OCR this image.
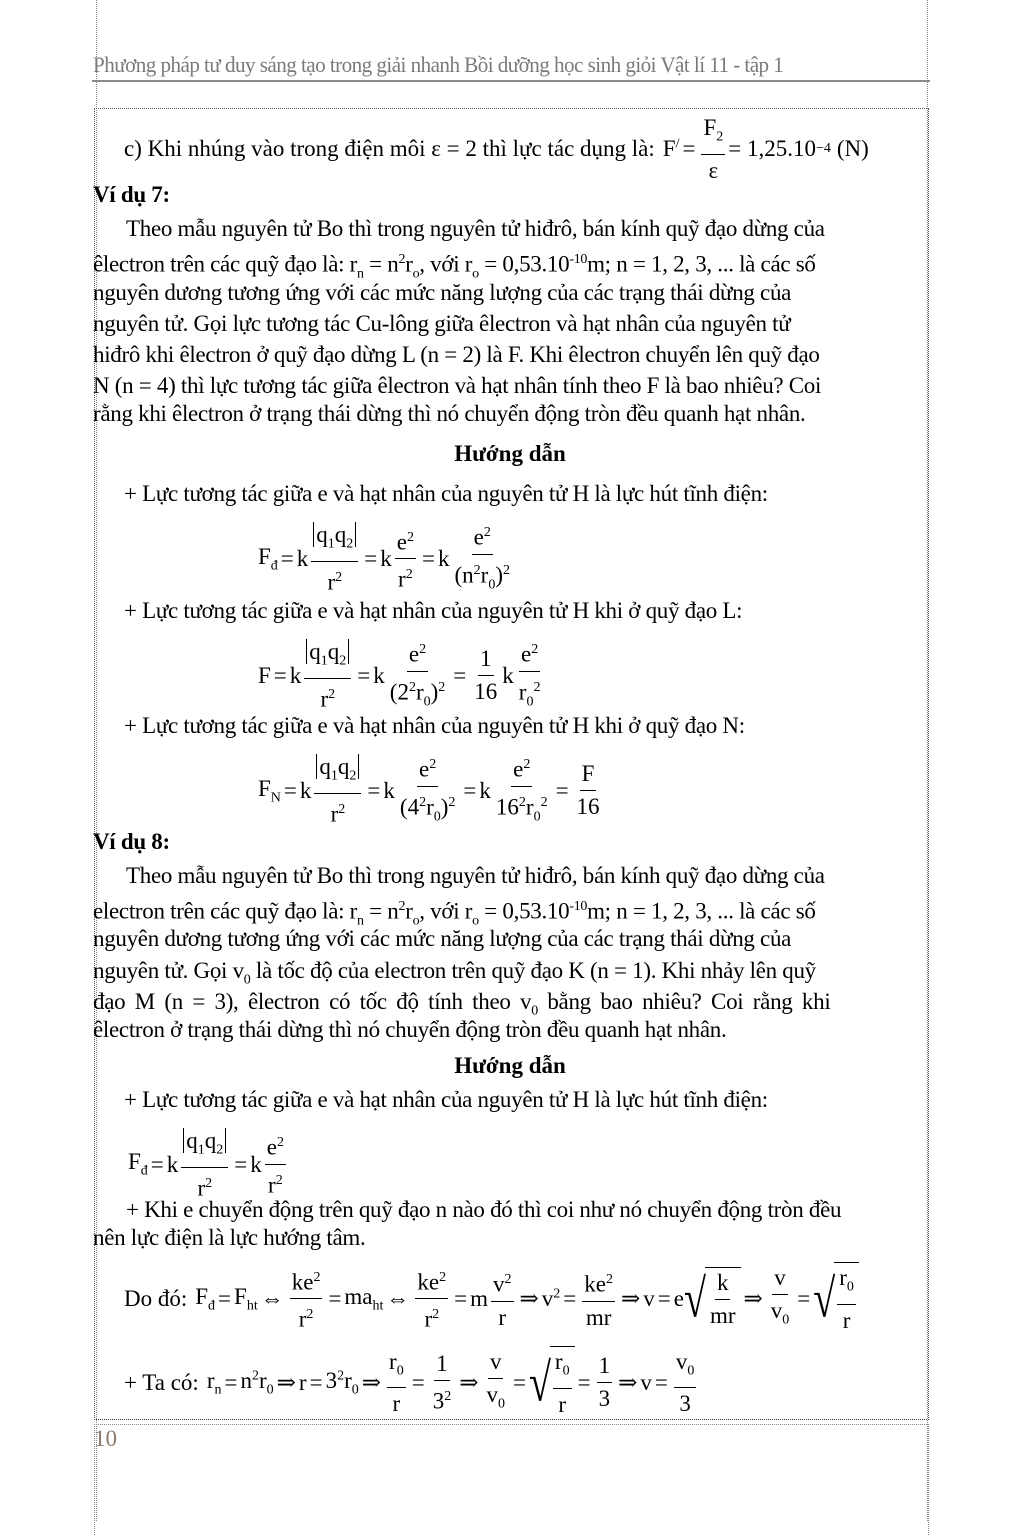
Phương pháp tư duy sáng tạo trong giải nhanh Bồi dưỡng học sinh giỏi Vật lí 11 - tập 1
c) Khi nhúng vào trong điện môi ε = 2 thì lực tác dụng là: $F^/ = \frac{F_2}{\varepsilon} = 1,25.10 -4$ (N)
Ví dụ 7:
Theo mẫu nguyên tử Bo thì trong nguyên tử hiđrô, bán kính quỹ đạo dừng của
êlectron trên các quỹ đạo là: $r_n = n^2r_o$, với $r_o = 0,53.10^{-10}m$; n = 1, 2, 3, ... là các số
nguyên dương tương ứng với các mức năng lượng của các trạng thái dừng của
nguyên tử. Gọi lực tương tác Cu-lông giữa êlectron và hạt nhân của nguyên tử
hiđrô khi êlectron ở quỹ đạo dừng L (n = 2) là F. Khi êlectron chuyển lên quỹ đạo
N (n = 4) thì lực tương tác giữa êlectron và hạt nhân tính theo F là bao nhiêu? Coi
rằng khi êlectron ở trạng thái dừng thì nó chuyển động tròn đều quanh hạt nhân.
Hướng dẫn
+ Lực tương tác giữa e và hạt nhân của nguyên tử H là lực hút tĩnh điện:
$F_đ = k \frac{q_1q_2}{r^2} = k \frac{e^2}{r^2} = k \frac{e^2}{(n^2r_0)^2}$
+ Lực tương tác giữa e và hạt nhân của nguyên tử H khi ở quỹ đạo L:
F = k $\frac{q_1q_2}{r^2} = k \frac{e^2}{(2^2r_0)^2} = \frac{1}{16}$ k $\frac{e^2}{r_0^2}$
+ Lực tương tác giữa e và hạt nhân của nguyên tử H khi ở quỹ đạo N:
$F_N = k \frac{q_1q_2}{r^2} = k \frac{e^2}{(4^2r_0)^2} = k \frac{e^2}{16^2r_0^2} = \frac{F}{16}$
Ví dụ 8:
Theo mẫu nguyên tử Bo thì trong nguyên tử hiđrô, bán kính quỹ đạo dừng của
electron trên các quỹ đạo là: $r_n = n^2r_o$, với $r_o = 0,53.10^{-10}m$; n = 1, 2, 3, ... là các số
nguyên dương tương ứng với các mức năng lượng của các trạng thái dừng của
nguyên tử. Gọi $v_0$ là tốc độ của electron trên quỹ đạo K (n = 1). Khi nhảy lên quỹ
đạo M (n = 3), êlectron có tốc độ tính theo $v_0$ bằng bao nhiêu? Coi rằng khi
êlectron ở trạng thái dừng thì nó chuyển động tròn đều quanh hạt nhân.
Hướng dẫn
+ Lực tương tác giữa e và hạt nhân của nguyên tử H là lực hút tĩnh điện:
$F_đ = k \frac{q_1q_2}{r^2} = k \frac{e^2}{r^2}$
+ Khi e chuyển động trên quỹ đạo n nào đó thì coi như nó chuyển động tròn đều
nên lực điện là lực hướng tâm.
Do đó: $F_đ = F_{ht}$ ⇔ $\frac{ke^2}{r^2} = ma_{ht}$ ⇔ $\frac{ke^2}{r^2} = m \frac{v^2}{r}$ ⇒ $v^2 = \frac{ke^2}{mr}$ ⇒ v = e √ $\frac{k}{mr}$ ⇒ $\frac{v}{v_0}$ = √ $\frac{r_0}{r}$
+ Ta có: $r_n = n^2r_0$ ⇒ $r = 3^2r_0$ ⇒ $\frac{r_0}{r} = \frac{1}{3^2}$ ⇒ $\frac{v}{v_0}$ = √ $\frac{r_0}{r} = \frac{1}{3}$ ⇒ $v = \frac{v_0}{3}$
10
